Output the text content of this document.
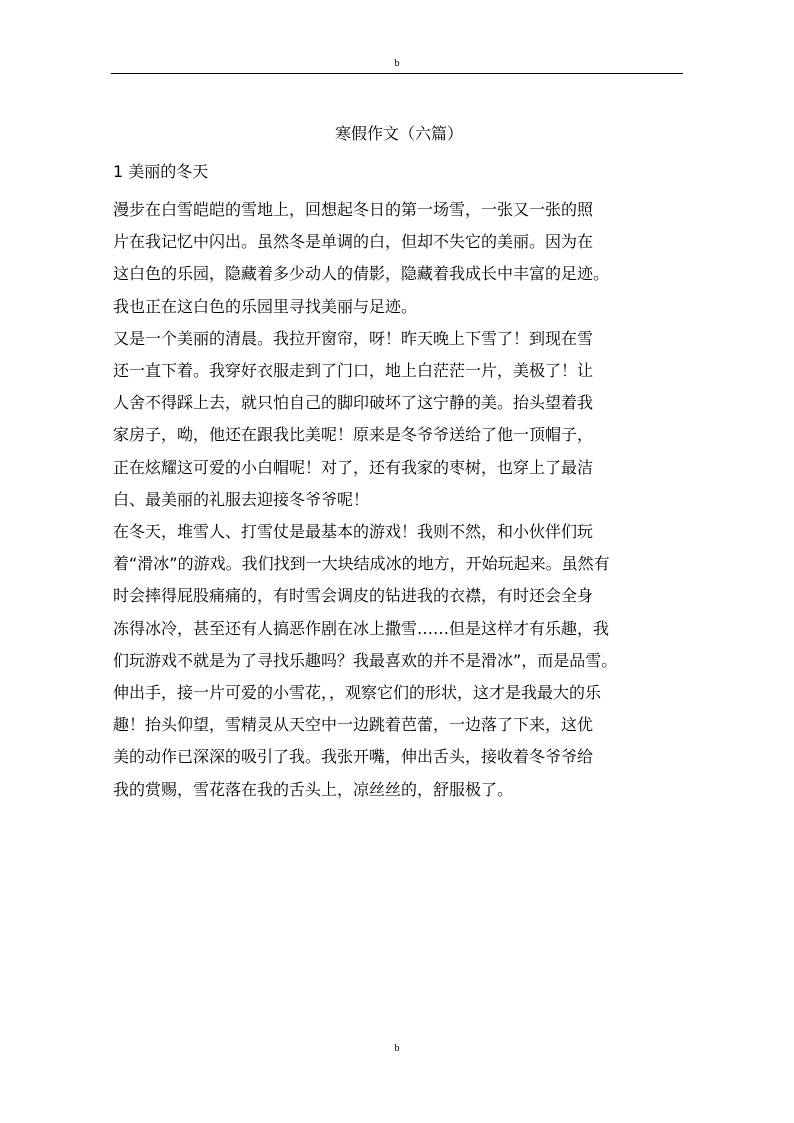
b
寒假作文（六篇）
1 美丽的冬天

漫步在白雪皑皑的雪地上，回想起冬日的第一场雪，一张又一张的照
片在我记忆中闪出。虽然冬是单调的白，但却不失它的美丽。因为在
这白色的乐园，隐藏着多少动人的倩影，隐藏着我成长中丰富的足迹。
我也正在这白色的乐园里寻找美丽与足迹。

又是一个美丽的清晨。我拉开窗帘，呀！昨天晚上下雪了！到现在雪
还一直下着。我穿好衣服走到了门口，地上白茫茫一片，美极了！让
人舍不得踩上去，就只怕自己的脚印破坏了这宁静的美。抬头望着我
家房子，呦，他还在跟我比美呢！原来是冬爷爷送给了他一顶帽子，
正在炫耀这可爱的小白帽呢！对了，还有我家的枣树，也穿上了最洁
白、最美丽的礼服去迎接冬爷爷呢！

在冬天，堆雪人、打雪仗是最基本的游戏！我则不然，和小伙伴们玩
着“滑冰”的游戏。我们找到一大块结成冰的地方，开始玩起来。虽然有
时会摔得屁股痛痛的，有时雪会调皮的钻进我的衣襟，有时还会全身
冻得冰冷，甚至还有人搞恶作剧在冰上撒雪……但是这样才有乐趣，我
们玩游戏不就是为了寻找乐趣吗？我最喜欢的并不是滑冰”，而是品雪。
伸出手，接一片可爱的小雪花，，观察它们的形状，这才是我最大的乐
趣！抬头仰望，雪精灵从天空中一边跳着芭蕾，一边落了下来，这优
美的动作已深深的吸引了我。我张开嘴，伸出舌头，接收着冬爷爷给
我的赏赐，雪花落在我的舌头上，凉丝丝的，舒服极了。

b
